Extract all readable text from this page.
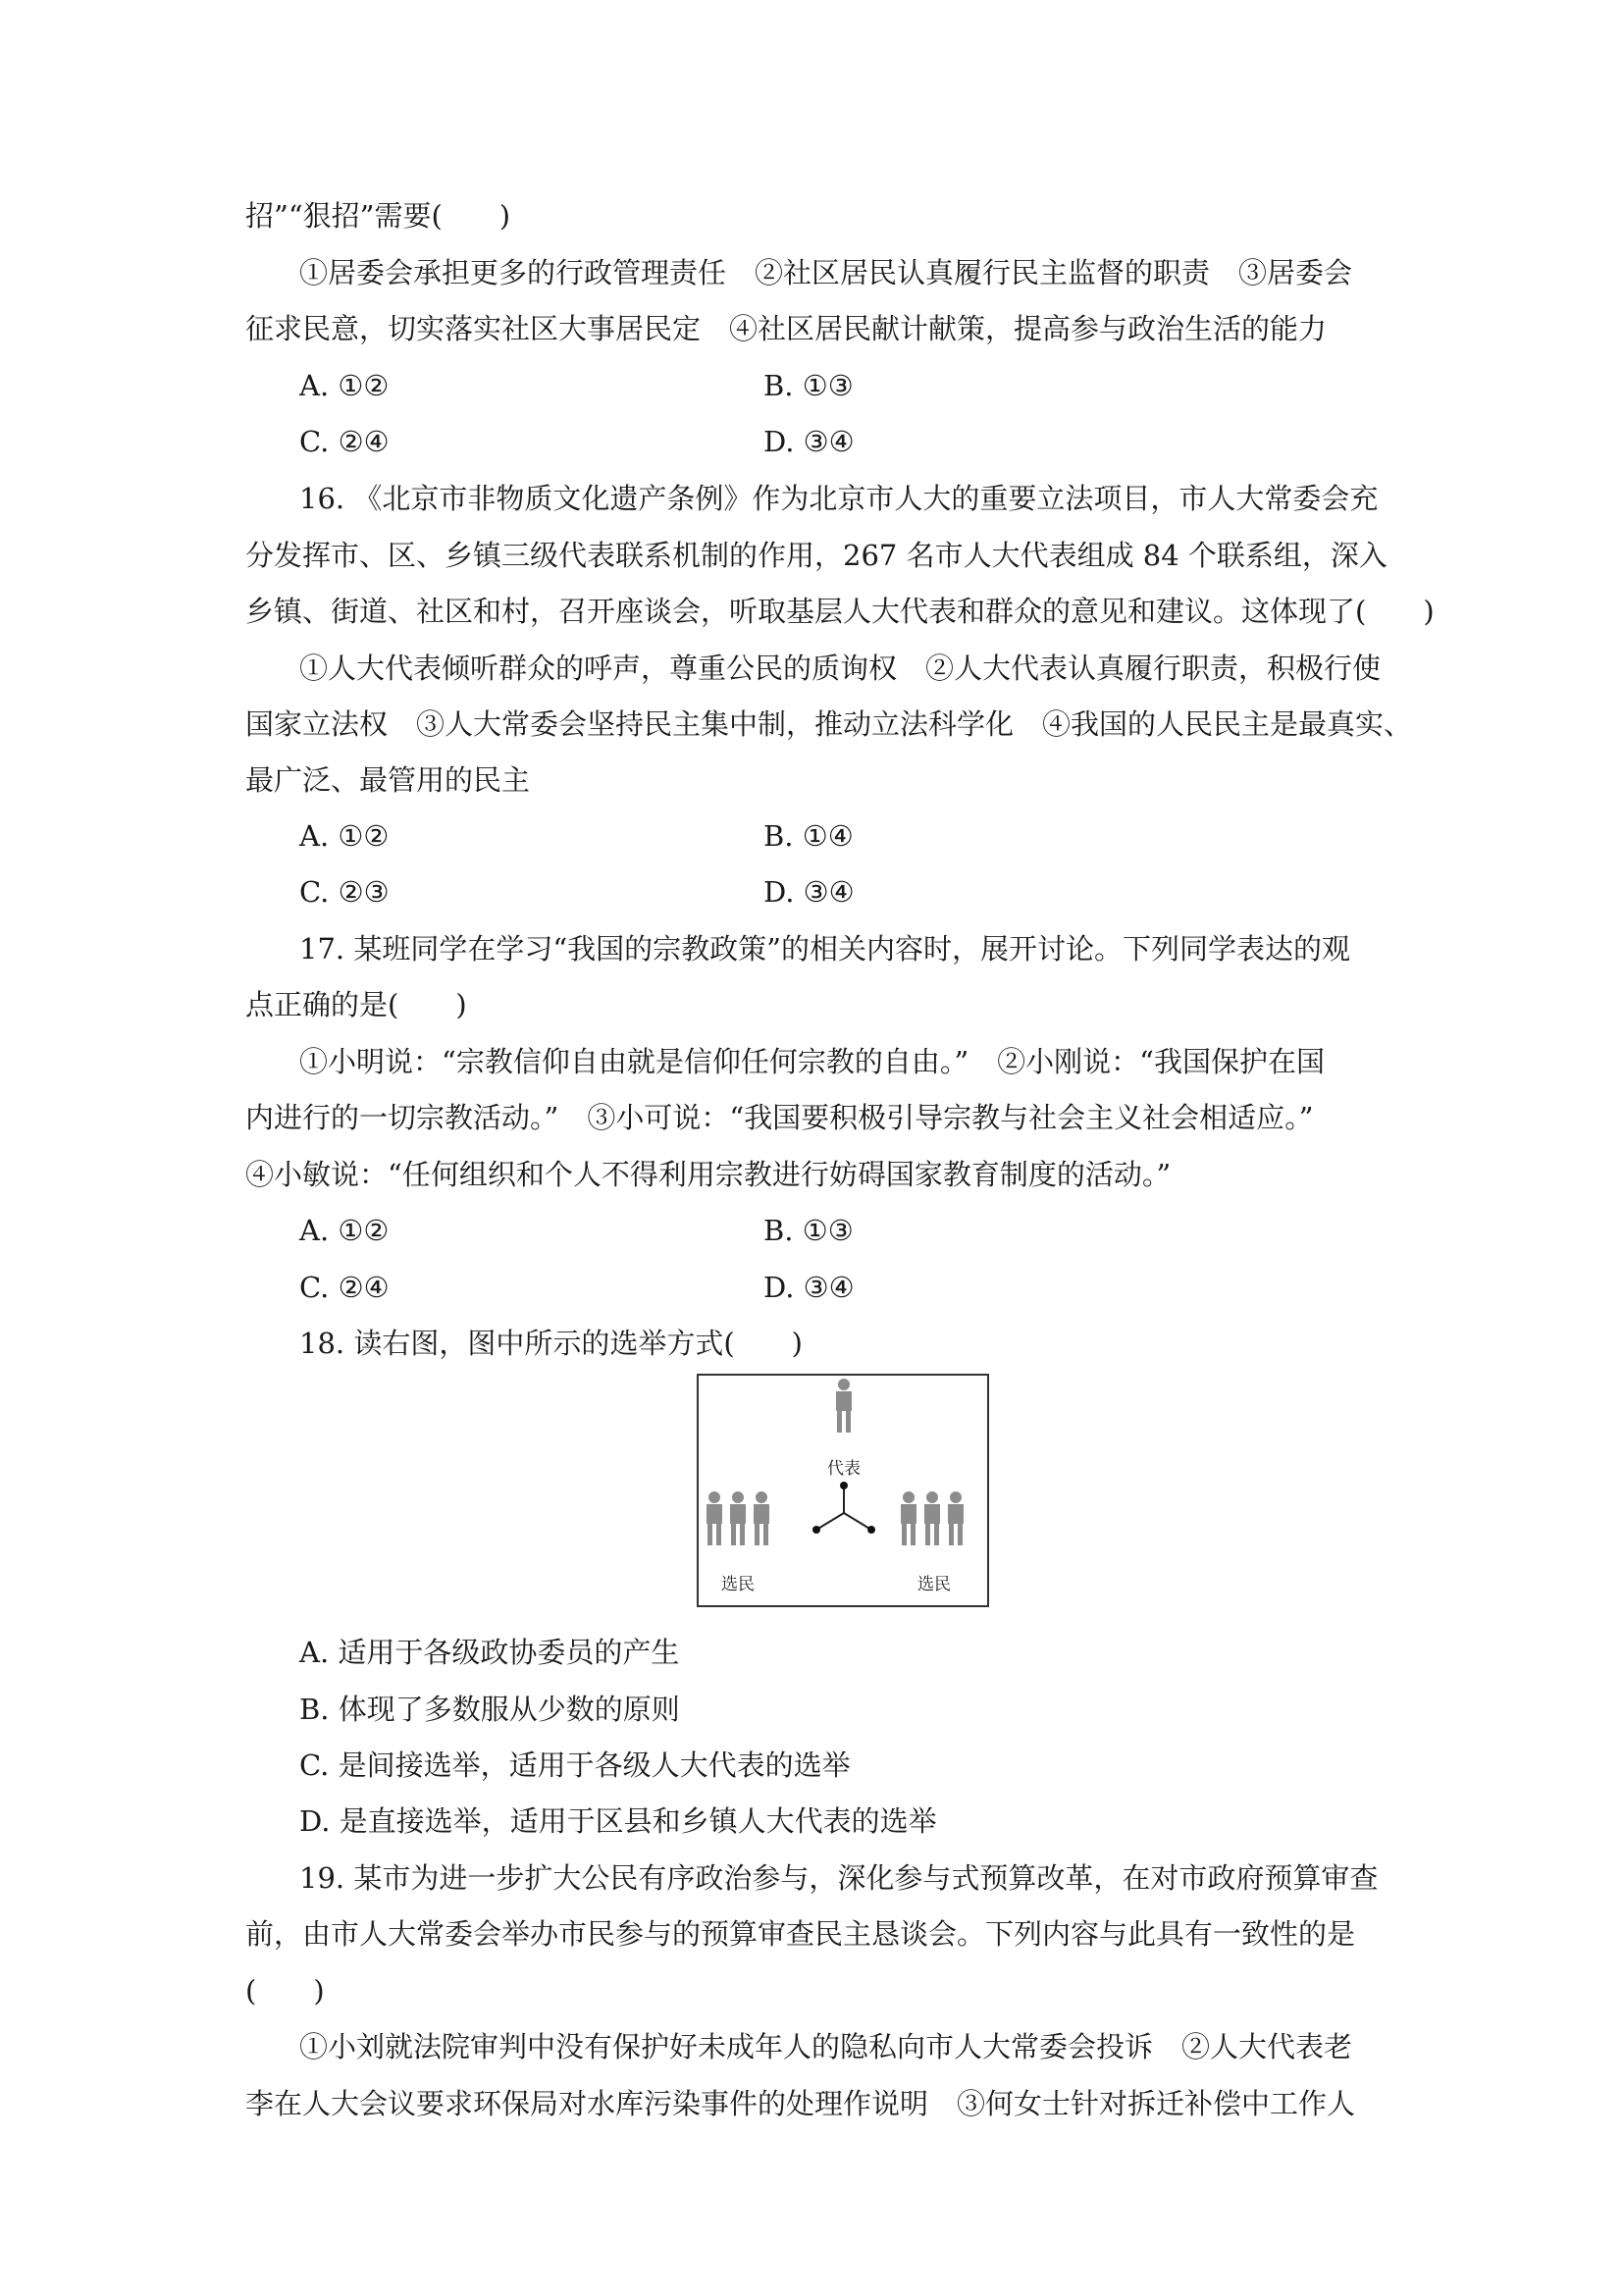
招”“狠招”需要(　　)

①居委会承担更多的行政管理责任　②社区居民认真履行民主监督的职责　③居委会

征求民意，切实落实社区大事居民定　④社区居民献计献策，提高参与政治生活的能力

A. ①②	B. ①③

C. ②④	D. ③④

16. 《北京市非物质文化遗产条例》作为北京市人大的重要立法项目，市人大常委会充

分发挥市、区、乡镇三级代表联系机制的作用，267 名市人大代表组成 84 个联系组，深入

乡镇、街道、社区和村，召开座谈会，听取基层人大代表和群众的意见和建议。这体现了(　　)

①人大代表倾听群众的呼声，尊重公民的质询权　②人大代表认真履行职责，积极行使

国家立法权　③人大常委会坚持民主集中制，推动立法科学化　④我国的人民民主是最真实、

最广泛、最管用的民主

A. ①②	B. ①④

C. ②③	D. ③④

17. 某班同学在学习“我国的宗教政策”的相关内容时，展开讨论。下列同学表达的观

点正确的是(　　)

①小明说：“宗教信仰自由就是信仰任何宗教的自由。”　②小刚说：“我国保护在国

内进行的一切宗教活动。”　③小可说：“我国要积极引导宗教与社会主义社会相适应。”

④小敏说：“任何组织和个人不得利用宗教进行妨碍国家教育制度的活动。”

A. ①②	B. ①③

C. ②④	D. ③④

18. 读右图，图中所示的选举方式(　　)

代表
选民	选民

A. 适用于各级政协委员的产生

B. 体现了多数服从少数的原则

C. 是间接选举，适用于各级人大代表的选举

D. 是直接选举，适用于区县和乡镇人大代表的选举

19. 某市为进一步扩大公民有序政治参与，深化参与式预算改革，在对市政府预算审查

前，由市人大常委会举办市民参与的预算审查民主恳谈会。下列内容与此具有一致性的是

(　　)

①小刘就法院审判中没有保护好未成年人的隐私向市人大常委会投诉　②人大代表老

李在人大会议要求环保局对水库污染事件的处理作说明　③何女士针对拆迁补偿中工作人
